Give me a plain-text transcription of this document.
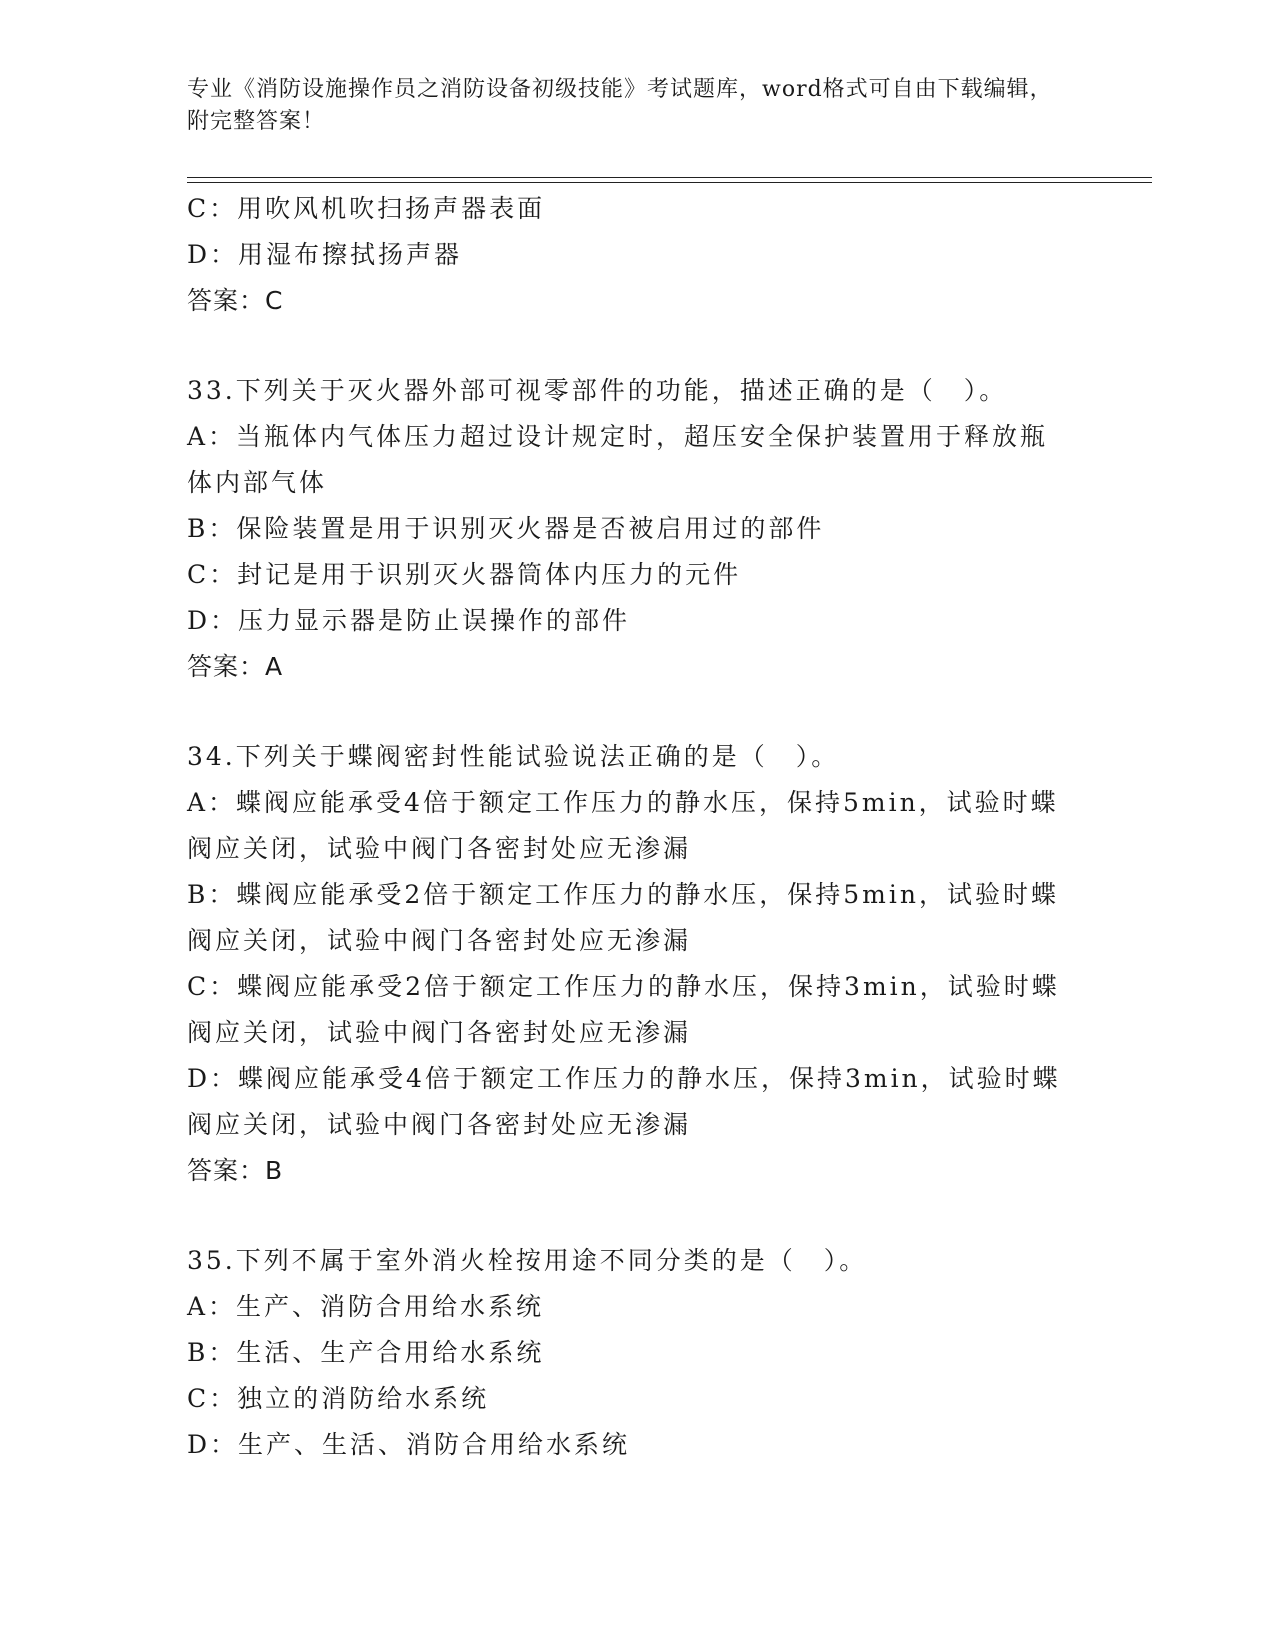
专业《消防设施操作员之消防设备初级技能》考试题库，word格式可自由下载编辑，附完整答案！
C：用吹风机吹扫扬声器表面
D：用湿布擦拭扬声器
答案：C
33.下列关于灭火器外部可视零部件的功能，描述正确的是（　）。
A：当瓶体内气体压力超过设计规定时，超压安全保护装置用于释放瓶
体内部气体
B：保险装置是用于识别灭火器是否被启用过的部件
C：封记是用于识别灭火器筒体内压力的元件
D：压力显示器是防止误操作的部件
答案：A
34.下列关于蝶阀密封性能试验说法正确的是（　）。
A：蝶阀应能承受4倍于额定工作压力的静水压，保持5min，试验时蝶
阀应关闭，试验中阀门各密封处应无渗漏
B：蝶阀应能承受2倍于额定工作压力的静水压，保持5min，试验时蝶
阀应关闭，试验中阀门各密封处应无渗漏
C：蝶阀应能承受2倍于额定工作压力的静水压，保持3min，试验时蝶
阀应关闭，试验中阀门各密封处应无渗漏
D：蝶阀应能承受4倍于额定工作压力的静水压，保持3min，试验时蝶
阀应关闭，试验中阀门各密封处应无渗漏
答案：B
35.下列不属于室外消火栓按用途不同分类的是（　）。
A：生产、消防合用给水系统
B：生活、生产合用给水系统
C：独立的消防给水系统
D：生产、生活、消防合用给水系统
